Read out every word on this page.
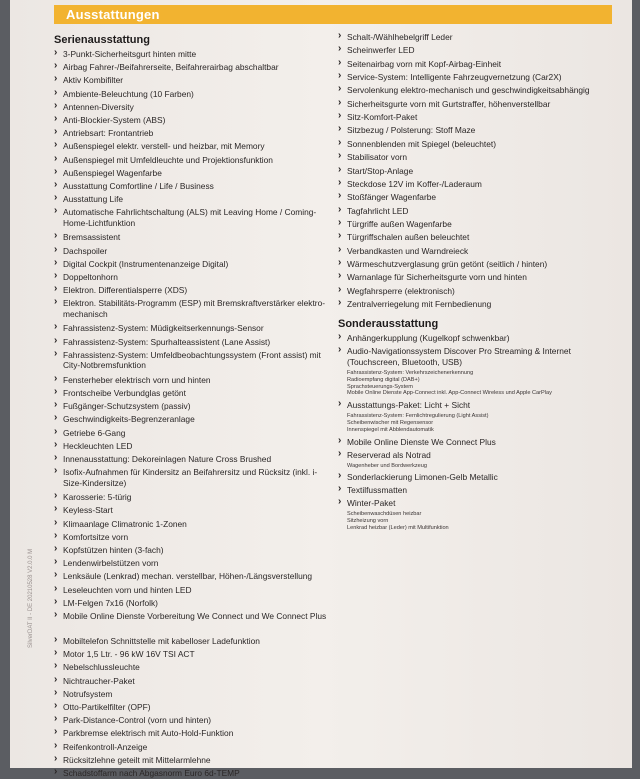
Ausstattungen
SilverDAT II - DE 20210528 V2.0.0 M
Serienausstattung
› 3-Punkt-Sicherheitsgurt hinten mitte
› Airbag Fahrer-/Beifahrerseite, Beifahrerairbag abschaltbar
› Aktiv Kombifilter
› Ambiente-Beleuchtung (10 Farben)
› Antennen-Diversity
› Anti-Blockier-System (ABS)
› Antriebsart: Frontantrieb
› Außenspiegel elektr. verstell- und heizbar, mit Memory
› Außenspiegel mit Umfeldleuchte und Projektionsfunktion
› Außenspiegel Wagenfarbe
› Ausstattung Comfortline / Life / Business
› Ausstattung Life
› Automatische Fahrlichtschaltung (ALS) mit Leaving Home / Coming-Home-Lichtfunktion
› Bremsassistent
› Dachspoiler
› Digital Cockpit (Instrumentenanzeige Digital)
› Doppeltonhorn
› Elektron. Differentialsperre (XDS)
› Elektron. Stabilitäts-Programm (ESP) mit Bremskraftverstärker elektro-mechanisch
› Fahrassistenz-System: Müdigkeitserkennungs-Sensor
› Fahrassistenz-System: Spurhalteassistent (Lane Assist)
› Fahrassistenz-System: Umfeldbeobachtungssystem (Front assist) mit City-Notbremsfunktion
› Fensterheber elektrisch vorn und hinten
› Frontscheibe Verbundglas getönt
› Fußgänger-Schutzsystem (passiv)
› Geschwindigkeits-Begrenzeranlage
› Getriebe 6-Gang
› Heckleuchten LED
› Innenausstattung: Dekoreinlagen Nature Cross Brushed
› Isofix-Aufnahmen für Kindersitz an Beifahrersitz und Rücksitz (inkl. i-Size-Kindersitze)
› Karosserie: 5-türig
› Keyless-Start
› Klimaanlage Climatronic 1-Zonen
› Komfortsitze vorn
› Kopfstützen hinten (3-fach)
› Lendenwirbelstützen vorn
› Lenksäule (Lenkrad) mechan. verstellbar, Höhen-/Längsverstellung
› Leseleuchten vorn und hinten LED
› LM-Felgen 7x16 (Norfolk)
› Mobile Online Dienste Vorbereitung We Connect und We Connect Plus
› Mobiltelefon Schnittstelle mit kabelloser Ladefunktion
› Motor 1,5 Ltr. - 96 kW 16V TSI ACT
› Nebelschlussleuchte
› Nichtraucher-Paket
› Notrufsystem
› Otto-Partikelfilter (OPF)
› Park-Distance-Control (vorn und hinten)
› Parkbremse elektrisch mit Auto-Hold-Funktion
› Reifenkontroll-Anzeige
› Rücksitzlehne geteilt mit Mittelarmlehne
› Schadstoffarm nach Abgasnorm Euro 6d-TEMP
› Schalt-/Wählhebelgriff Leder
› Scheinwerfer LED
› Seitenairbag vorn mit Kopf-Airbag-Einheit
› Service-System: Intelligente Fahrzeugvernetzung (Car2X)
› Servolenkung elektro-mechanisch und geschwindigkeitsabhängig
› Sicherheitsgurte vorn mit Gurtstraffer, höhenverstellbar
› Sitz-Komfort-Paket
› Sitzbezug / Polsterung: Stoff Maze
› Sonnenblenden mit Spiegel (beleuchtet)
› Stabilisator vorn
› Start/Stop-Anlage
› Steckdose 12V im Koffer-/Laderaum
› Stoßfänger Wagenfarbe
› Tagfahrlicht LED
› Türgriffe außen Wagenfarbe
› Türgriffschalen außen beleuchtet
› Verbandkasten und Warndreieck
› Wärmeschutzverglasung grün getönt (seitlich / hinten)
› Warnanlage für Sicherheitsgurte vorn und hinten
› Wegfahrsperre (elektronisch)
› Zentralverriegelung mit Fernbedienung
Sonderausstattung
› Anhängerkupplung (Kugelkopf schwenkbar)
› Audio-Navigationssystem Discover Pro Streaming & Internet (Touchscreen, Bluetooth, USB)
Fahrassistenz-System: Verkehrszeichenerkennung
Radioempfang digital (DAB+)
Sprachsteuerungs-System
Mobile Online Dienste App-Connect inkl. App-Connect Wireless und Apple CarPlay
› Ausstattungs-Paket: Licht + Sicht
Fahrassistenz-System: Fernlichtregulierung (Light Assist)
Scheibenwischer mit Regensensor
Innenspiegel mit Abblendautomatik
› Mobile Online Dienste We Connect Plus
› Reserverad als Notrad
Wagenheber und Bordwerkzeug
› Sonderlackierung Limonen-Gelb Metallic
› Textilfussmatten
› Winter-Paket
Scheibenwaschdüsen heizbar
Sitzheizung vorn
Lenkrad heizbar (Leder) mit Multifunktion
